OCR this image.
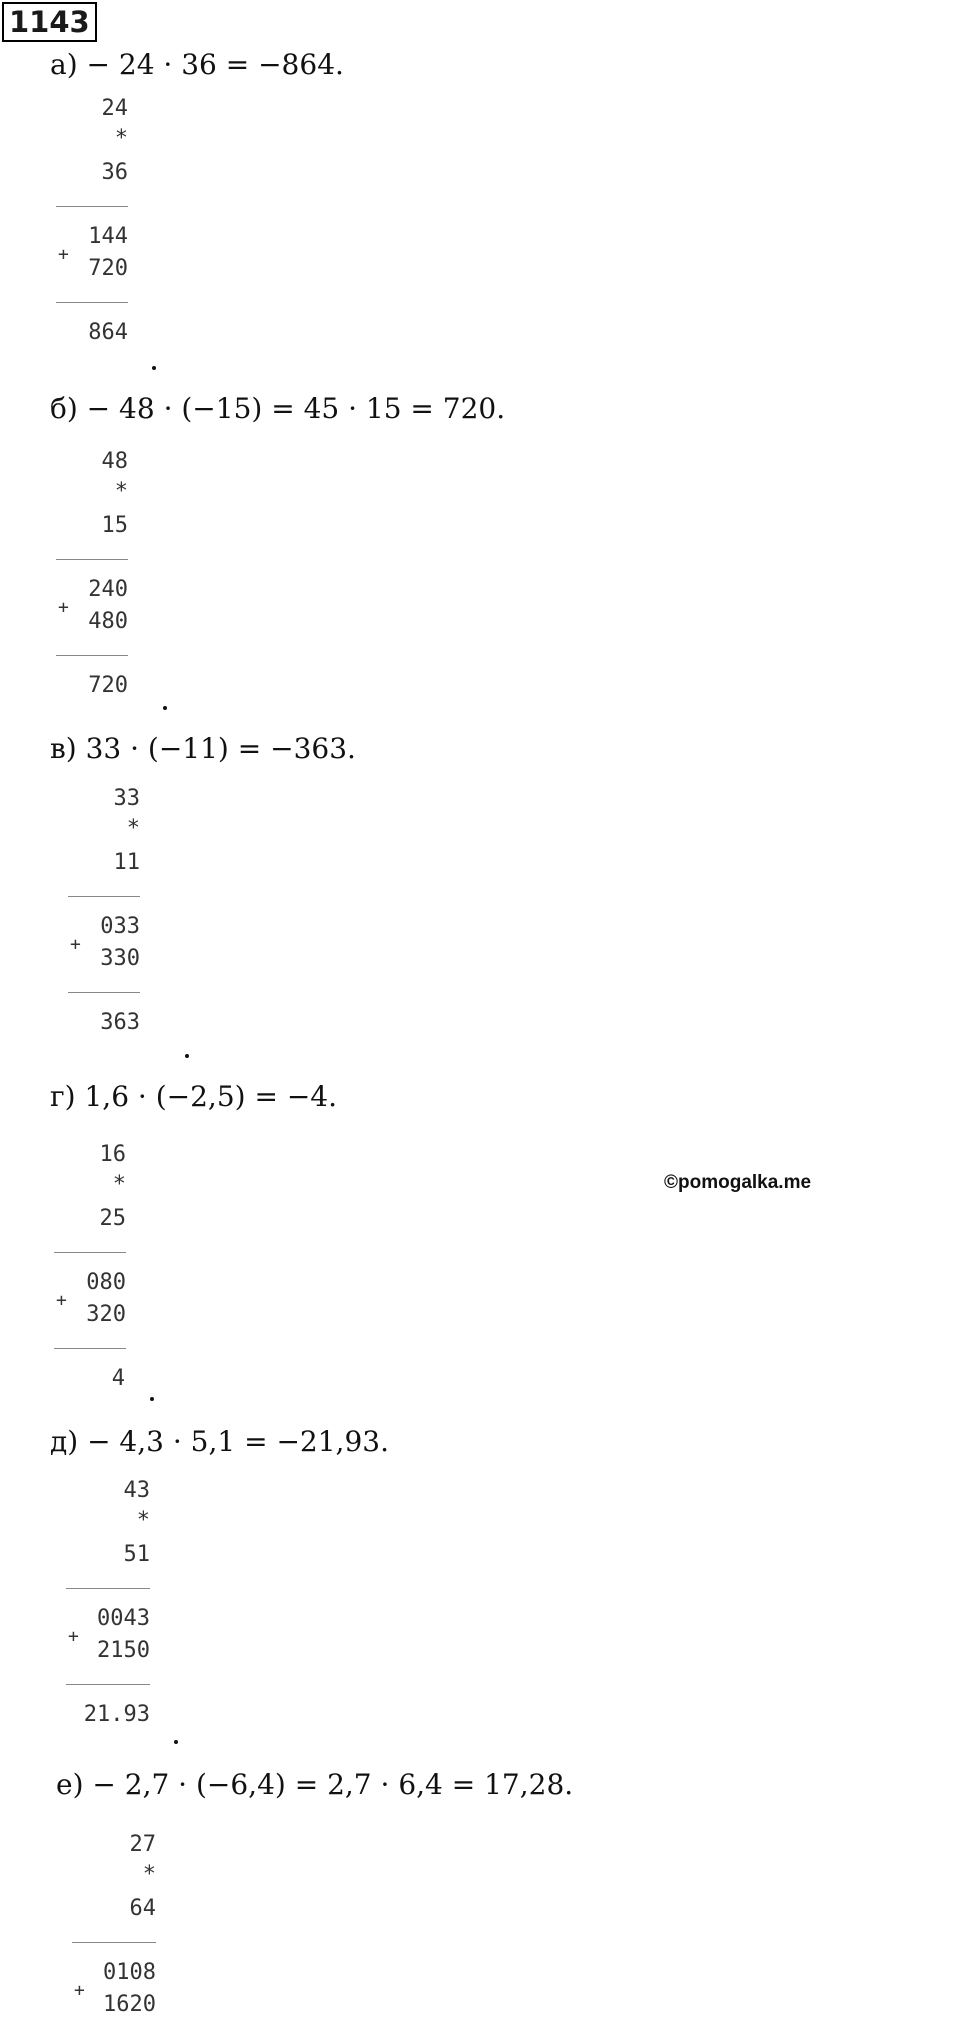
1143
а) − 24 · 36 = −864.
24
*
36
144
+
720
864
б) − 48 · (−15) = 45 · 15 = 720.
48
*
15
240
+
480
720
в) 33 · (−11) = −363.
33
*
11
033
+
330
363
г) 1,6 · (−2,5) = −4.
16
*
25
080
+
320
4
©pomogalka.me
д) − 4,3 · 5,1 = −21,93.
43
*
51
0043
+
2150
21.93
е) − 2,7 · (−6,4) = 2,7 · 6,4 = 17,28.
27
*
64
0108
+
1620
